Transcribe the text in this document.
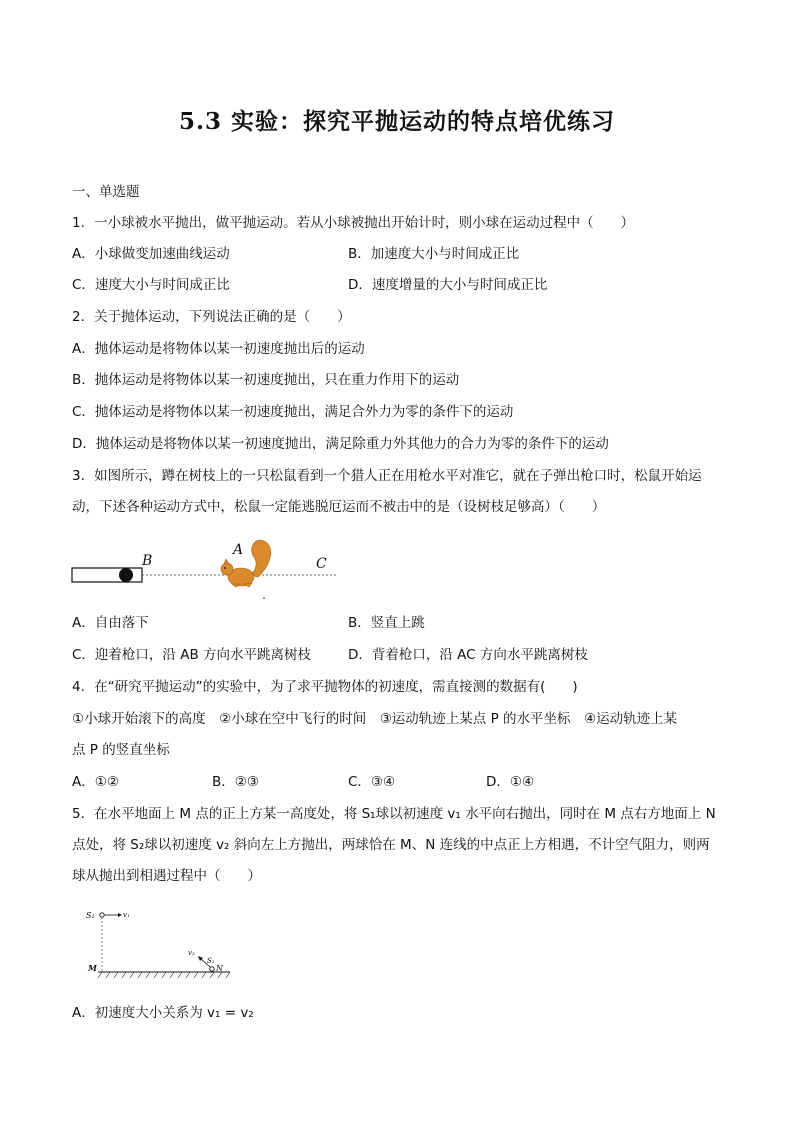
5.3 实验：探究平抛运动的特点培优练习
一、单选题
1．一小球被水平抛出，做平抛运动。若从小球被抛出开始计时，则小球在运动过程中（　　）
A．小球做变加速曲线运动	B．加速度大小与时间成正比
C．速度大小与时间成正比	D．速度增量的大小与时间成正比
2．关于抛体运动，下列说法正确的是（　　）
A．抛体运动是将物体以某一初速度抛出后的运动
B．抛体运动是将物体以某一初速度抛出，只在重力作用下的运动
C．抛体运动是将物体以某一初速度抛出，满足合外力为零的条件下的运动
D．抛体运动是将物体以某一初速度抛出，满足除重力外其他力的合力为零的条件下的运动
3．如图所示，蹲在树枝上的一只松鼠看到一个猎人正在用枪水平对准它，就在子弹出枪口时，松鼠开始运
动，下述各种运动方式中，松鼠一定能逃脱厄运而不被击中的是（设树枝足够高）（　　）
B
A
C
A．自由落下	B．竖直上跳
C．迎着枪口，沿 AB 方向水平跳离树枝	D．背着枪口，沿 AC 方向水平跳离树枝
4．在“研究平抛运动”的实验中，为了求平抛物体的初速度，需直接测的数据有(　　)
①小球开始滚下的高度　②小球在空中飞行的时间　③运动轨迹上某点 P 的水平坐标　④运动轨迹上某
点 P 的竖直坐标
A．①②	B．②③	C．③④	D．①④
5．在水平地面上 M 点的正上方某一高度处，将 S₁球以初速度 v₁ 水平向右抛出，同时在 M 点右方地面上 N
点处，将 S₂球以初速度 v₂ 斜向左上方抛出，两球恰在 M、N 连线的中点正上方相遇，不计空气阻力，则两
球从抛出到相遇过程中（　　）
S₁	v₁
v₂
S₂
M	N
A．初速度大小关系为 v₁ = v₂
